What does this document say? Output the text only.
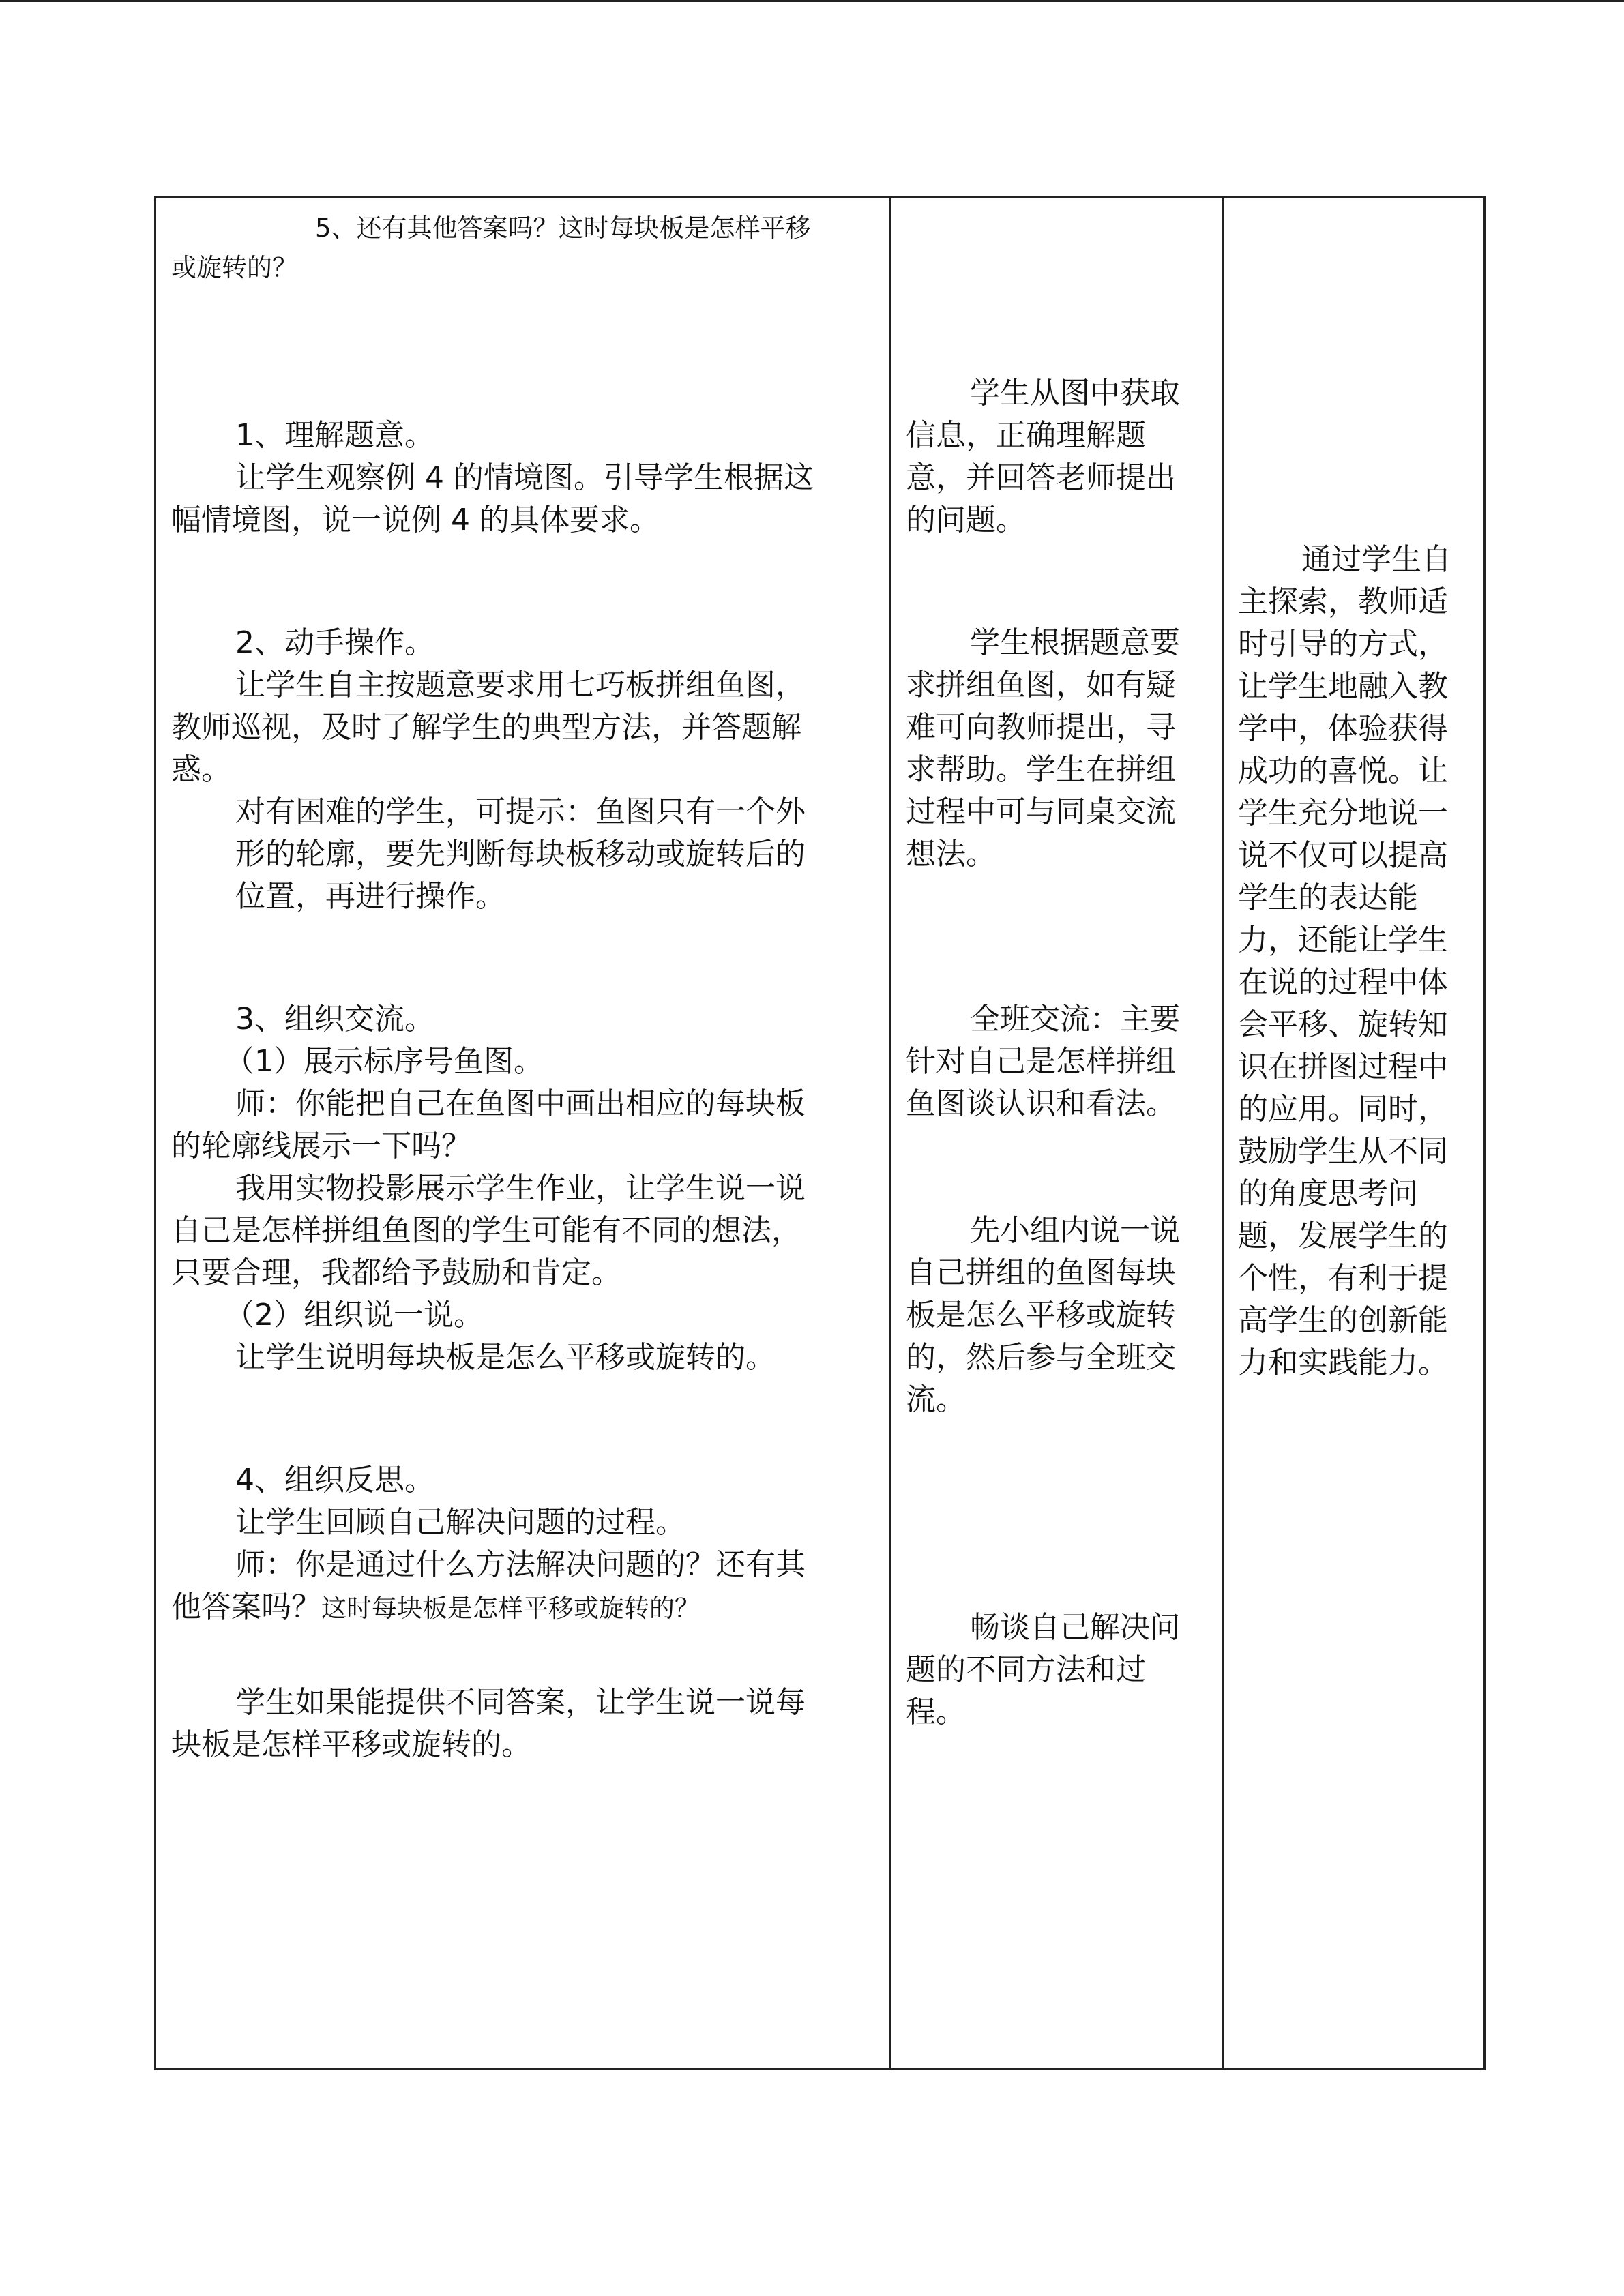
5、还有其他答案吗？这时每块板是怎样平移

或旋转的？

1、理解题意。

让学生观察例 4 的情境图。引导学生根据这

幅情境图，说一说例 4 的具体要求。

2、动手操作。

让学生自主按题意要求用七巧板拼组鱼图，

教师巡视，及时了解学生的典型方法，并答题解

惑。

对有困难的学生，可提示：鱼图只有一个外

形的轮廓，要先判断每块板移动或旋转后的

位置，再进行操作。

3、组织交流。

（1）展示标序号鱼图。

师：你能把自己在鱼图中画出相应的每块板

的轮廓线展示一下吗？

我用实物投影展示学生作业，让学生说一说

自己是怎样拼组鱼图的学生可能有不同的想法，

只要合理，我都给予鼓励和肯定。

（2）组织说一说。

让学生说明每块板是怎么平移或旋转的。

4、组织反思。

让学生回顾自己解决问题的过程。

师：你是通过什么方法解决问题的？还有其

他答案吗？这时每块板是怎样平移或旋转的？

学生如果能提供不同答案，让学生说一说每

块板是怎样平移或旋转的。

学生从图中获取

信息，正确理解题

意，并回答老师提出

的问题。

学生根据题意要

求拼组鱼图，如有疑

难可向教师提出，寻

求帮助。学生在拼组

过程中可与同桌交流

想法。

全班交流：主要

针对自己是怎样拼组

鱼图谈认识和看法。

先小组内说一说

自己拼组的鱼图每块

板是怎么平移或旋转

的，然后参与全班交

流。

畅谈自己解决问

题的不同方法和过

程。

通过学生自

主探索，教师适

时引导的方式，

让学生地融入教

学中，体验获得

成功的喜悦。让

学生充分地说一

说不仅可以提高

学生的表达能

力，还能让学生

在说的过程中体

会平移、旋转知

识在拼图过程中

的应用。同时，

鼓励学生从不同

的角度思考问

题，发展学生的

个性，有利于提

高学生的创新能

力和实践能力。
